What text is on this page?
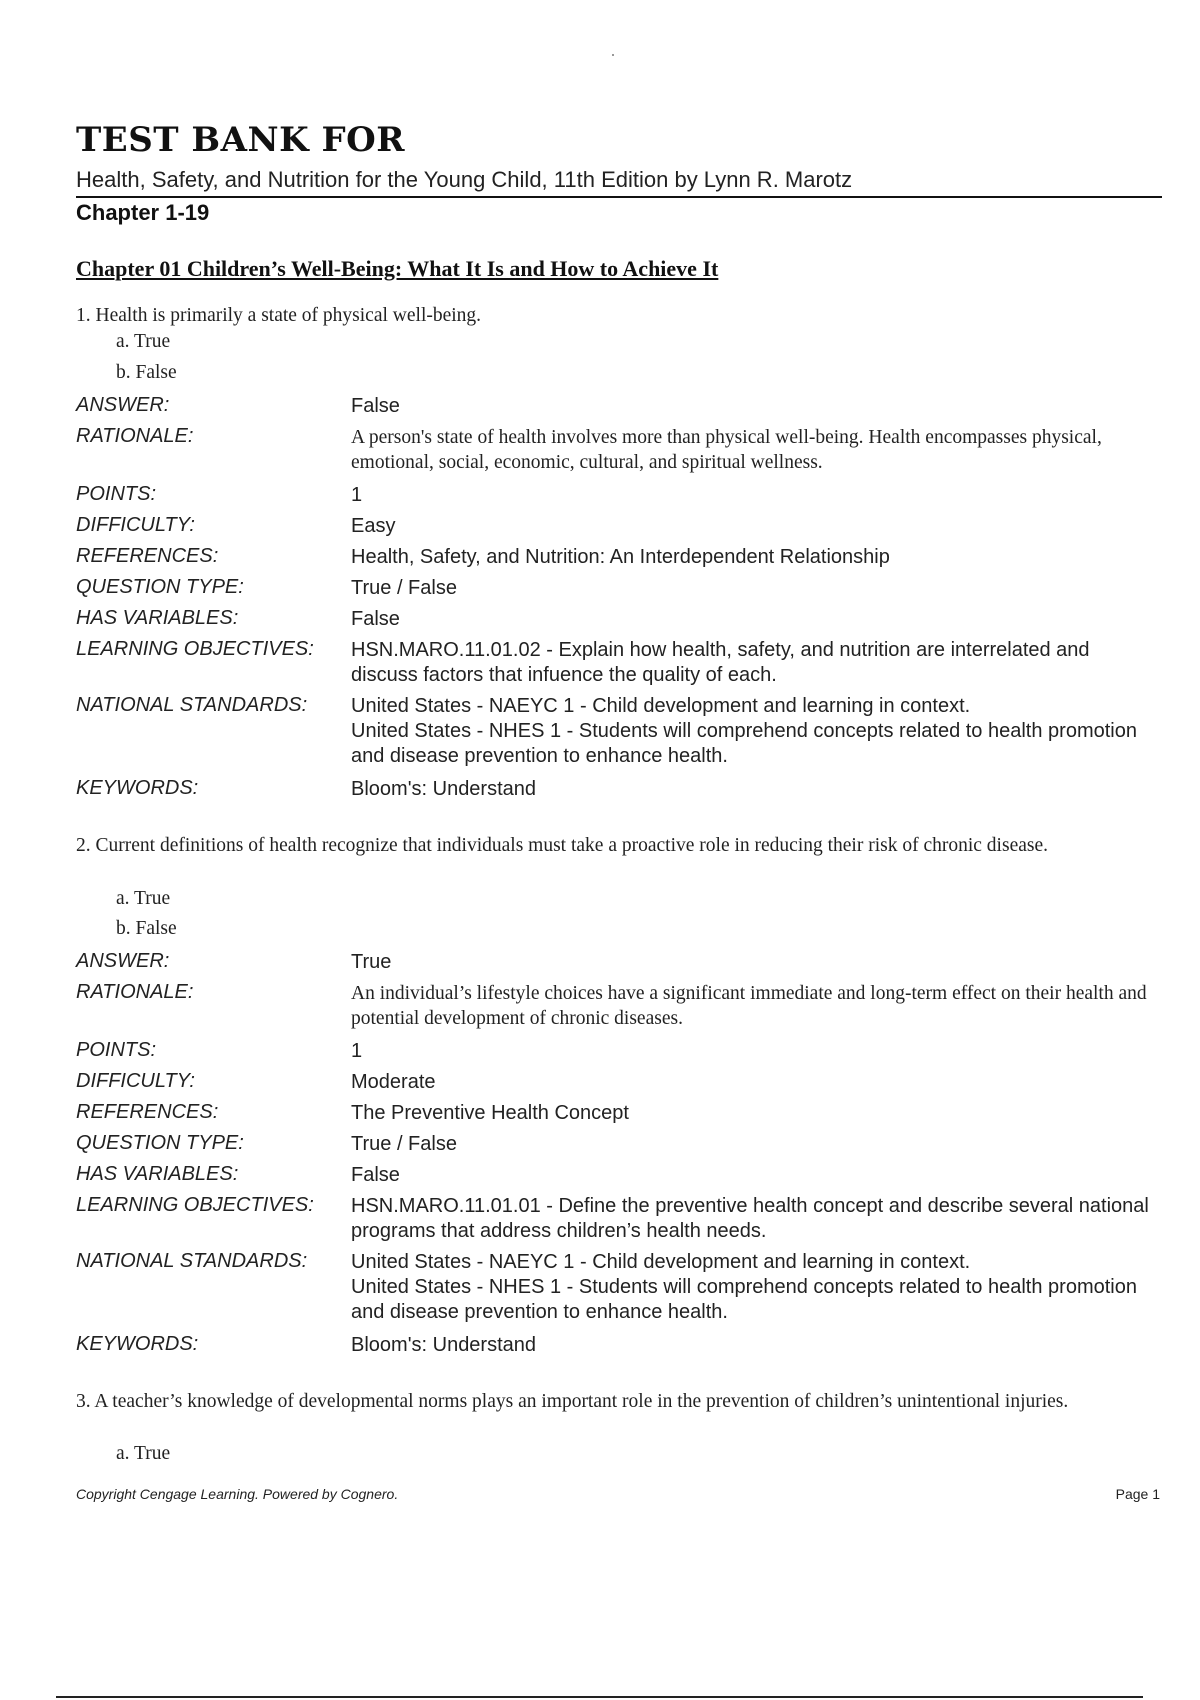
TEST BANK FOR
Health, Safety, and Nutrition for the Young Child, 11th Edition by Lynn R. Marotz
Chapter 1-19
Chapter 01 Children’s Well-Being: What It Is and How to Achieve It
1. Health is primarily a state of physical well-being.
a. True
b. False
ANSWER:	False
RATIONALE:	A person's state of health involves more than physical well-being. Health encompasses physical, emotional, social, economic, cultural, and spiritual wellness.
POINTS:	1
DIFFICULTY:	Easy
REFERENCES:	Health, Safety, and Nutrition: An Interdependent Relationship
QUESTION TYPE:	True / False
HAS VARIABLES:	False
LEARNING OBJECTIVES: HSN.MARO.11.01.02 - Explain how health, safety, and nutrition are interrelated and discuss factors that infuence the quality of each.
NATIONAL STANDARDS: United States - NAEYC 1 - Child development and learning in context.
United States - NHES 1 - Students will comprehend concepts related to health promotion and disease prevention to enhance health.
KEYWORDS:	Bloom's: Understand
2. Current definitions of health recognize that individuals must take a proactive role in reducing their risk of chronic disease.
a. True
b. False
ANSWER:	True
RATIONALE:	An individual’s lifestyle choices have a significant immediate and long-term effect on their health and potential development of chronic diseases.
POINTS:	1
DIFFICULTY:	Moderate
REFERENCES:	The Preventive Health Concept
QUESTION TYPE:	True / False
HAS VARIABLES:	False
LEARNING OBJECTIVES: HSN.MARO.11.01.01 - Define the preventive health concept and describe several national programs that address children’s health needs.
NATIONAL STANDARDS: United States - NAEYC 1 - Child development and learning in context.
United States - NHES 1 - Students will comprehend concepts related to health promotion and disease prevention to enhance health.
KEYWORDS:	Bloom's: Understand
3. A teacher’s knowledge of developmental norms plays an important role in the prevention of children’s unintentional injuries.
a. True
Copyright Cengage Learning. Powered by Cognero.	Page 1
